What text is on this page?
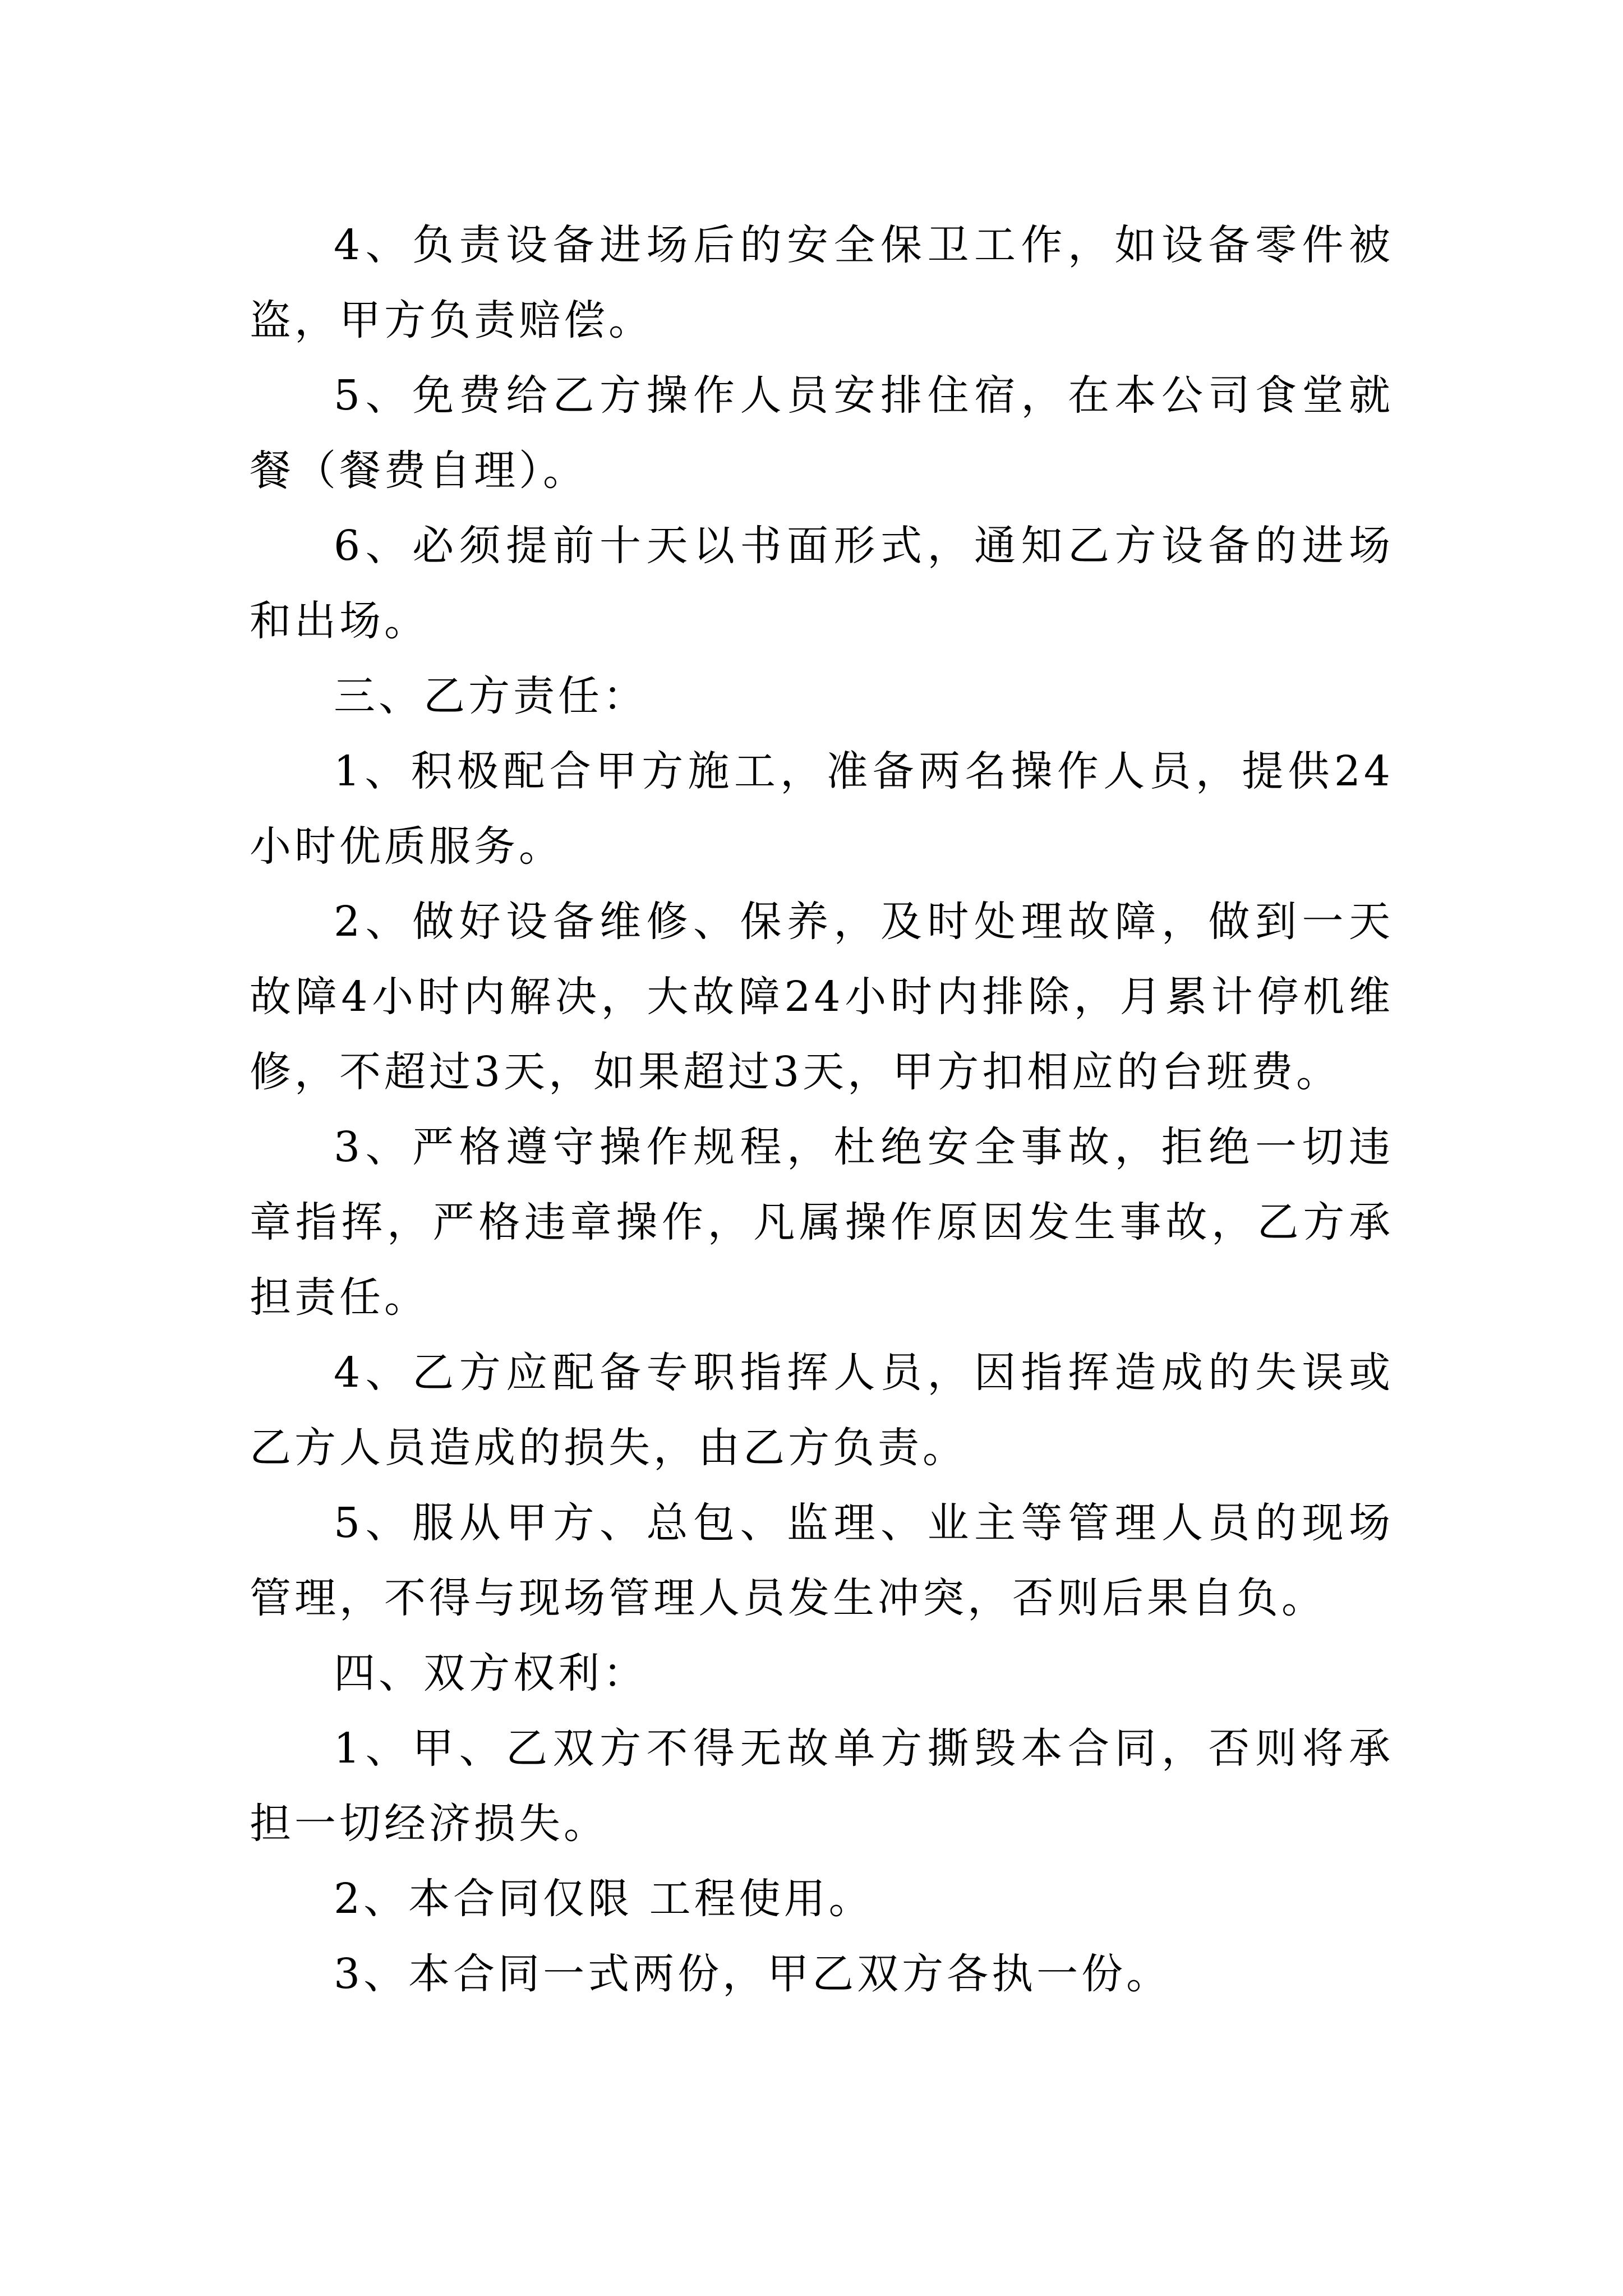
4、负责设备进场后的安全保卫工作，如设备零件被盗，甲方负责赔偿。

5、免费给乙方操作人员安排住宿，在本公司食堂就餐（餐费自理）。

6、必须提前十天以书面形式，通知乙方设备的进场和出场。

三、乙方责任：

1、积极配合甲方施工，准备两名操作人员，提供24小时优质服务。

2、做好设备维修、保养，及时处理故障，做到一天故障4小时内解决，大故障24小时内排除，月累计停机维修，不超过3天，如果超过3天，甲方扣相应的台班费。

3、严格遵守操作规程，杜绝安全事故，拒绝一切违章指挥，严格违章操作，凡属操作原因发生事故，乙方承担责任。

4、乙方应配备专职指挥人员，因指挥造成的失误或乙方人员造成的损失，由乙方负责。

5、服从甲方、总包、监理、业主等管理人员的现场管理，不得与现场管理人员发生冲突，否则后果自负。

四、双方权利：

1、甲、乙双方不得无故单方撕毁本合同，否则将承担一切经济损失。

2、本合同仅限 工程使用。

3、本合同一式两份，甲乙双方各执一份。
